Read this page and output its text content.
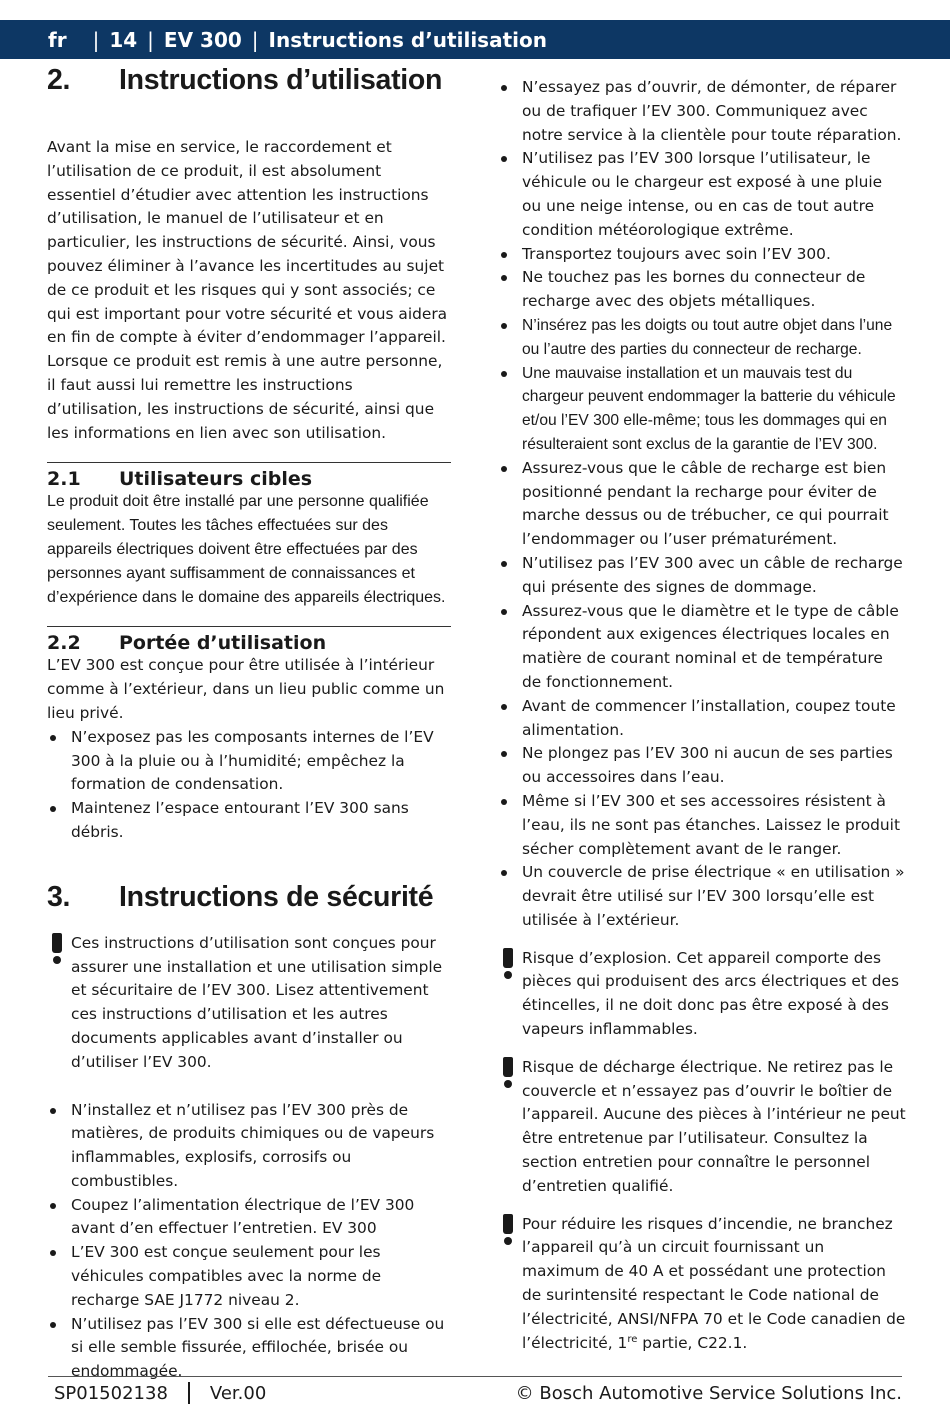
fr | 14 | EV 300 | Instructions d’utilisation
2.	Instructions d’utilisation

Avant la mise en service, le raccordement et l’utilisation de ce produit, il est absolument essentiel d’étudier avec attention les instructions d’utilisation, le manuel de l’utilisateur et en particulier, les instructions de sécurité. Ainsi, vous pouvez éliminer à l’avance les incertitudes au sujet de ce produit et les risques qui y sont associés; ce qui est important pour votre sécurité et vous aidera en fin de compte à éviter d’endommager l’appareil. Lorsque ce produit est remis à une autre personne, il faut aussi lui remettre les instructions d’utilisation, les instructions de sécurité, ainsi que les informations en lien avec son utilisation.

2.1	Utilisateurs cibles

Le produit doit être installé par une personne qualifiée seulement. Toutes les tâches effectuées sur des appareils électriques doivent être effectuées par des personnes ayant suffisamment de connaissances et d’expérience dans le domaine des appareils électriques.

2.2	Portée d’utilisation

L’EV 300 est conçue pour être utilisée à l’intérieur comme à l’extérieur, dans un lieu public comme un lieu privé.

N’exposez pas les composants internes de l’EV 300 à la pluie ou à l’humidité; empêchez la formation de condensation.
Maintenez l’espace entourant l’EV 300 sans débris.
3.	Instructions de sécurité
Ces instructions d’utilisation sont conçues pour assurer une installation et une utilisation simple et sécuritaire de l’EV 300. Lisez attentivement ces instructions d’utilisation et les autres documents applicables avant d’installer ou d’utiliser l’EV 300.
N’installez et n’utilisez pas l’EV 300 près de matières, de produits chimiques ou de vapeurs inflammables, explosifs, corrosifs ou combustibles.
Coupez l’alimentation électrique de l’EV 300 avant d’en effectuer l’entretien. EV 300
L’EV 300 est conçue seulement pour les véhicules compatibles avec la norme de recharge SAE J1772 niveau 2.
N’utilisez pas l’EV 300 si elle est défectueuse ou si elle semble fissurée, effilochée, brisée ou endommagée.
N’essayez pas d’ouvrir, de démonter, de réparer ou de trafiquer l’EV 300. Communiquez avec notre service à la clientèle pour toute réparation.
N’utilisez pas l’EV 300 lorsque l’utilisateur, le véhicule ou le chargeur est exposé à une pluie ou une neige intense, ou en cas de tout autre condition météorologique extrême.
Transportez toujours avec soin l’EV 300.
Ne touchez pas les bornes du connecteur de recharge avec des objets métalliques.
N’insérez pas les doigts ou tout autre objet dans l’une ou l’autre des parties du connecteur de recharge.
Une mauvaise installation et un mauvais test du chargeur peuvent endommager la batterie du véhicule et/ou l’EV 300 elle-même; tous les dommages qui en résulteraient sont exclus de la garantie de l’EV 300.
Assurez-vous que le câble de recharge est bien positionné pendant la recharge pour éviter de marche dessus ou de trébucher, ce qui pourrait l’endommager ou l’user prématurément.
N’utilisez pas l’EV 300 avec un câble de recharge qui présente des signes de dommage.
Assurez-vous que le diamètre et le type de câble répondent aux exigences électriques locales en matière de courant nominal et de température de fonctionnement.
Avant de commencer l’installation, coupez toute alimentation.
Ne plongez pas l’EV 300 ni aucun de ses parties ou accessoires dans l’eau.
Même si l’EV 300 et ses accessoires résistent à l’eau, ils ne sont pas étanches. Laissez le produit sécher complètement avant de le ranger.
Un couvercle de prise électrique « en utilisation » devrait être utilisé sur l’EV 300 lorsqu’elle est utilisée à l’extérieur.
Risque d’explosion. Cet appareil comporte des pièces qui produisent des arcs électriques et des étincelles, il ne doit donc pas être exposé à des vapeurs inflammables.
Risque de décharge électrique. Ne retirez pas le couvercle et n’essayez pas d’ouvrir le boîtier de l’appareil. Aucune des pièces à l’intérieur ne peut être entretenue par l’utilisateur. Consultez la section entretien pour connaître le personnel d’entretien qualifié.
Pour réduire les risques d’incendie, ne branchez l’appareil qu’à un circuit fournissant un maximum de 40 A et possédant une protection de surintensité respectant le Code national de l’électricité, ANSI/NFPA 70 et le Code canadien de l’électricité, 1re partie, C22.1.
SP01502138 Ver.00	© Bosch Automotive Service Solutions Inc.
